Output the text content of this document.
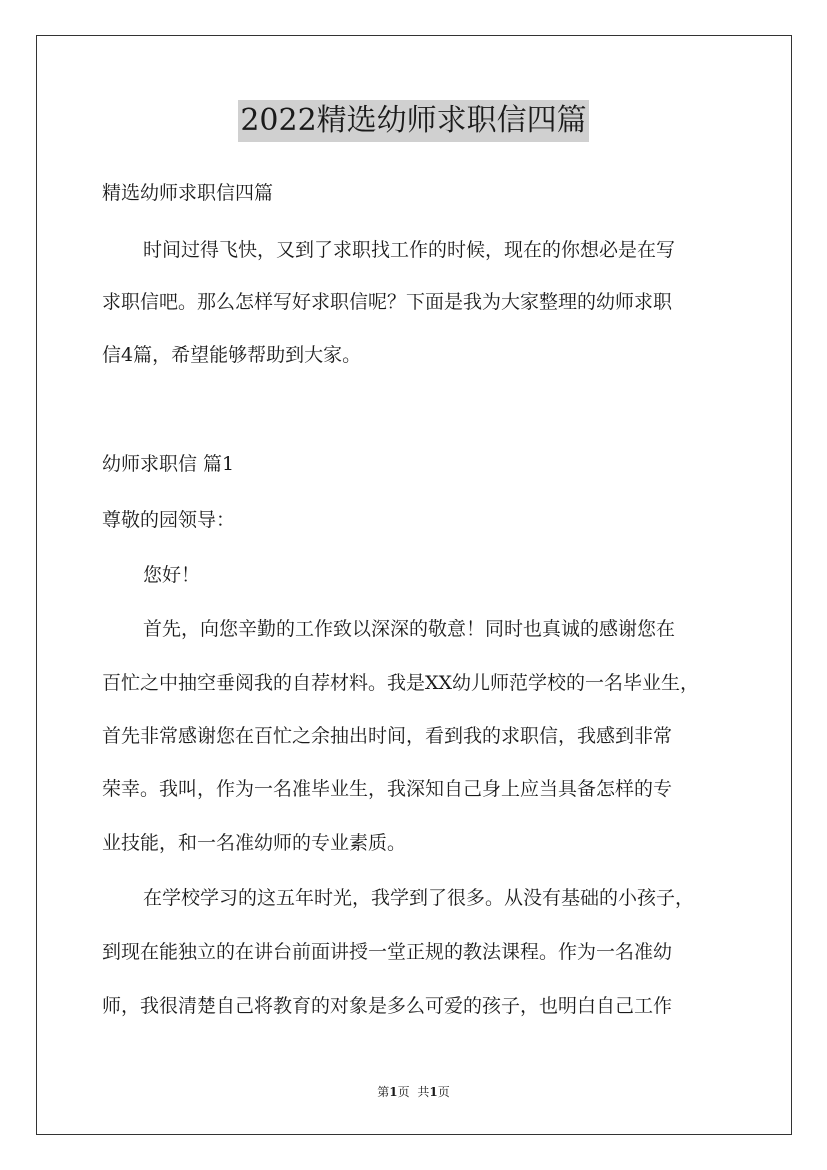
2022精选幼师求职信四篇
精选幼师求职信四篇
时间过得飞快，又到了求职找工作的时候，现在的你想必是在写
求职信吧。那么怎样写好求职信呢？下面是我为大家整理的幼师求职
信4篇，希望能够帮助到大家。
幼师求职信 篇1
尊敬的园领导：
您好！
首先，向您辛勤的工作致以深深的敬意！同时也真诚的感谢您在
百忙之中抽空垂阅我的自荐材料。我是XX幼儿师范学校的一名毕业生，
首先非常感谢您在百忙之余抽出时间，看到我的求职信，我感到非常
荣幸。我叫，作为一名准毕业生，我深知自己身上应当具备怎样的专
业技能，和一名准幼师的专业素质。
在学校学习的这五年时光，我学到了很多。从没有基础的小孩子，
到现在能独立的在讲台前面讲授一堂正规的教法课程。作为一名准幼
师，我很清楚自己将教育的对象是多么可爱的孩子，也明白自己工作
第1页 共1页
